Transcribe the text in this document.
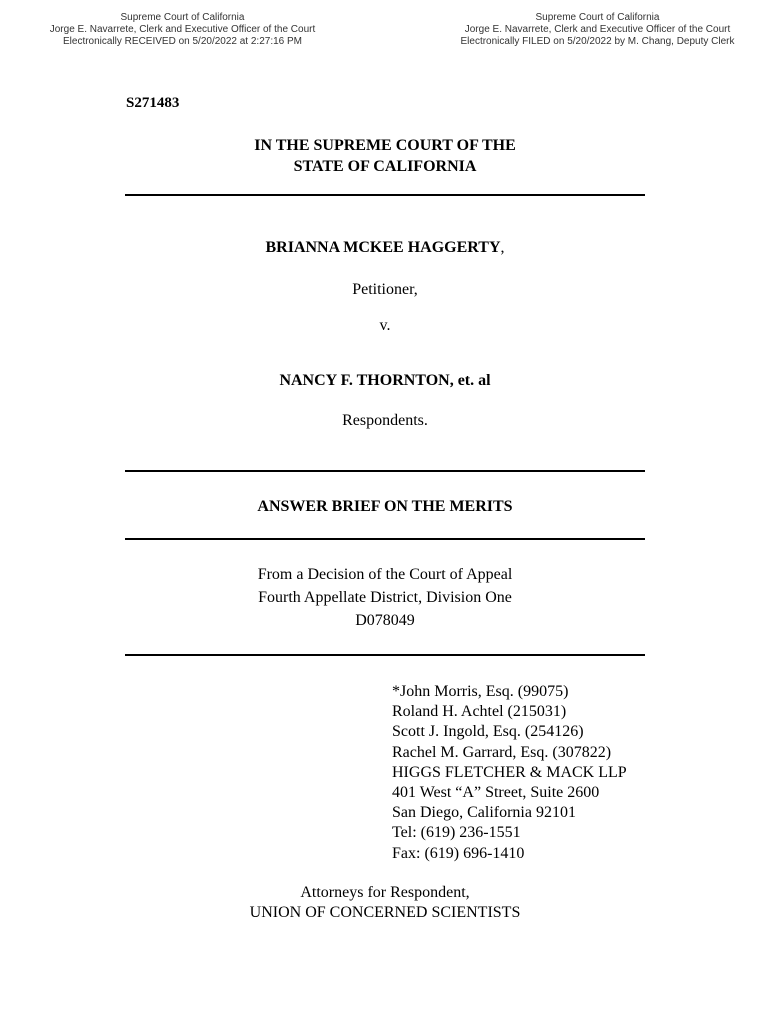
Supreme Court of California
Jorge E. Navarrete, Clerk and Executive Officer of the Court
Electronically RECEIVED on 5/20/2022 at 2:27:16 PM
Supreme Court of California
Jorge E. Navarrete, Clerk and Executive Officer of the Court
Electronically FILED on 5/20/2022 by M. Chang, Deputy Clerk
S271483
IN THE SUPREME COURT OF THE
STATE OF CALIFORNIA
BRIANNA MCKEE HAGGERTY,
Petitioner,
v.
NANCY F. THORNTON, et. al
Respondents.
ANSWER BRIEF ON THE MERITS
From a Decision of the Court of Appeal
Fourth Appellate District, Division One
D078049
*John Morris, Esq. (99075)
Roland H. Achtel (215031)
Scott J. Ingold, Esq. (254126)
Rachel M. Garrard, Esq. (307822)
HIGGS FLETCHER & MACK LLP
401 West “A” Street, Suite 2600
San Diego, California 92101
Tel: (619) 236-1551
Fax: (619) 696-1410
Attorneys for Respondent,
UNION OF CONCERNED SCIENTISTS
